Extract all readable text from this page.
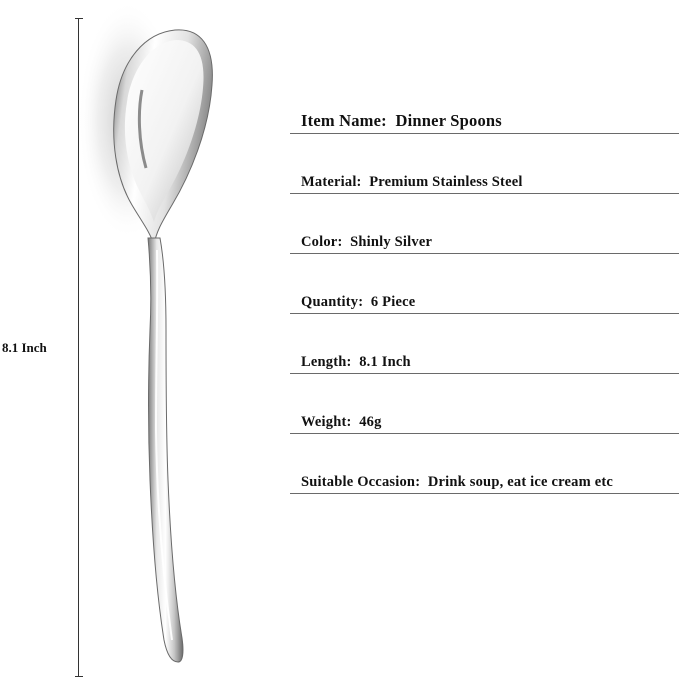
8.1 Inch
Item Name : Dinner Spoons
Material : Premium Stainless Steel
Color : Shinly Silver
Quantity : 6 Piece
Length : 8.1 Inch
Weight : 46g
Suitable Occasion : Drink soup, eat ice cream etc
